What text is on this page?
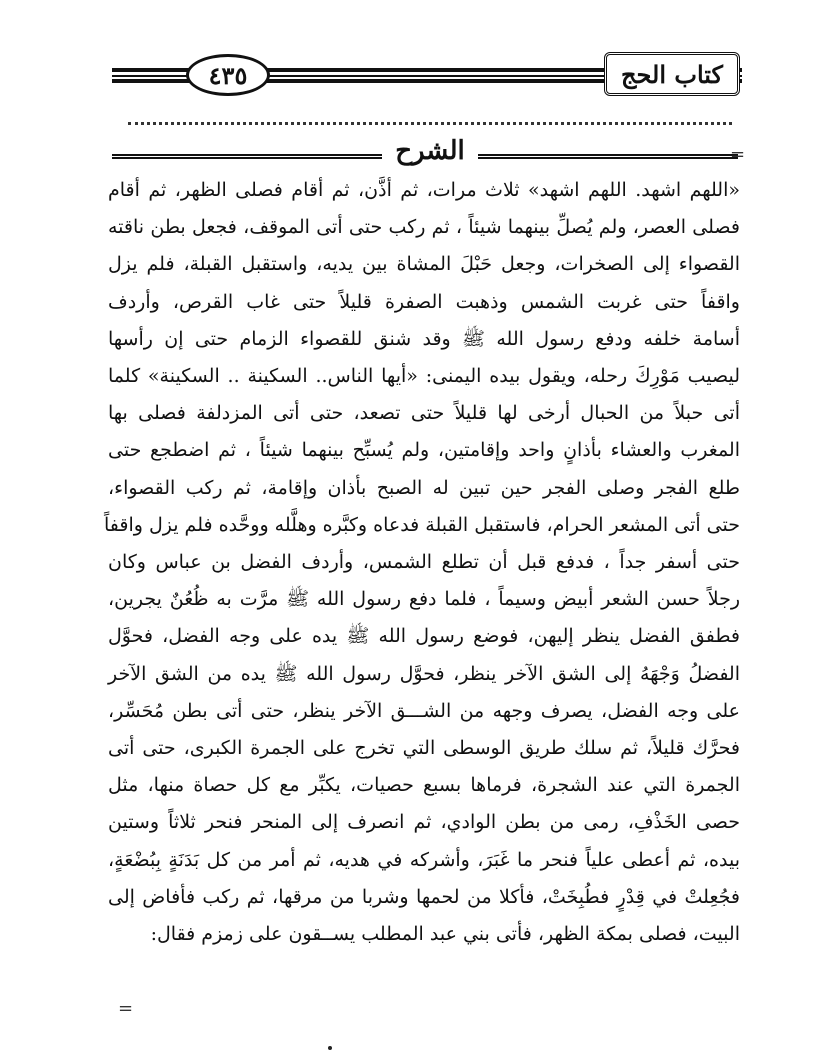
كتاب الحج
٤٣٥
الشرح	=
=
«اللهم اشهد. اللهم اشهد» ثلاث مرات، ثم أذَّن، ثم أقام فصلى الظهر، ثم أقام
فصلى العصر، ولم يُصلِّ بينهما شيئاً ، ثم ركب حتى أتى الموقف، فجعل بطن ناقته
القصواء إلى الصخرات، وجعل حَبْلَ المشاة بين يديه، واستقبل القبلة، فلم يزل
واقفاً حتى غربت الشمس وذهبت الصفرة قليلاً حتى غاب القرص، وأردف
أسامة خلفه ودفع رسول الله ﷺ وقد شنق للقصواء الزمام حتى إن رأسها
ليصيب مَوْرِكَ رحله، ويقول بيده اليمنى: «أيها الناس.. السكينة .. السكينة» كلما
أتى حبلاً من الحبال أرخى لها قليلاً حتى تصعد، حتى أتى المزدلفة فصلى بها
المغرب والعشاء بأذانٍ واحد وإقامتين، ولم يُسبِّح بينهما شيئاً ، ثم اضطجع حتى
طلع الفجر وصلى الفجر حين تبين له الصبح بأذان وإقامة، ثم ركب القصواء،
حتى أتى المشعر الحرام، فاستقبل القبلة فدعاه وكبَّره وهلَّله ووحَّده فلم يزل واقفاً
حتى أسفر جداً ، فدفع قبل أن تطلع الشمس، وأردف الفضل بن عباس وكان
رجلاً حسن الشعر أبيض وسيماً ، فلما دفع رسول الله ﷺ مرَّت به ظُعُنٌ يجرين،
فطفق الفضل ينظر إليهن، فوضع رسول الله ﷺ يده على وجه الفضل، فحوَّل
الفضلُ وَجْهَهُ إلى الشق الآخر ينظر، فحوَّل رسول الله ﷺ يده من الشق الآخر
على وجه الفضل، يصرف وجهه من الشـــق الآخر ينظر، حتى أتى بطن مُحَسِّر،
فحرَّك قليلاً، ثم سلك طريق الوسطى التي تخرج على الجمرة الكبرى، حتى أتى
الجمرة التي عند الشجرة، فرماها بسبع حصيات، يكبِّر مع كل حصاة منها، مثل
حصى الخَذْفِ، رمى من بطن الوادي، ثم انصرف إلى المنحر فنحر ثلاثاً وستين
بيده، ثم أعطى علياً فنحر ما غَبَرَ، وأشركه في هديه، ثم أمر من كل بَدَنَةٍ بِبُضْعَةٍ،
فجُعِلتْ في قِدْرٍ فطُبِخَتْ، فأكلا من لحمها وشربا من مرقها، ثم ركب فأفاض إلى
البيت، فصلى بمكة الظهر، فأتى بني عبد المطلب يســقون على زمزم فقال:
